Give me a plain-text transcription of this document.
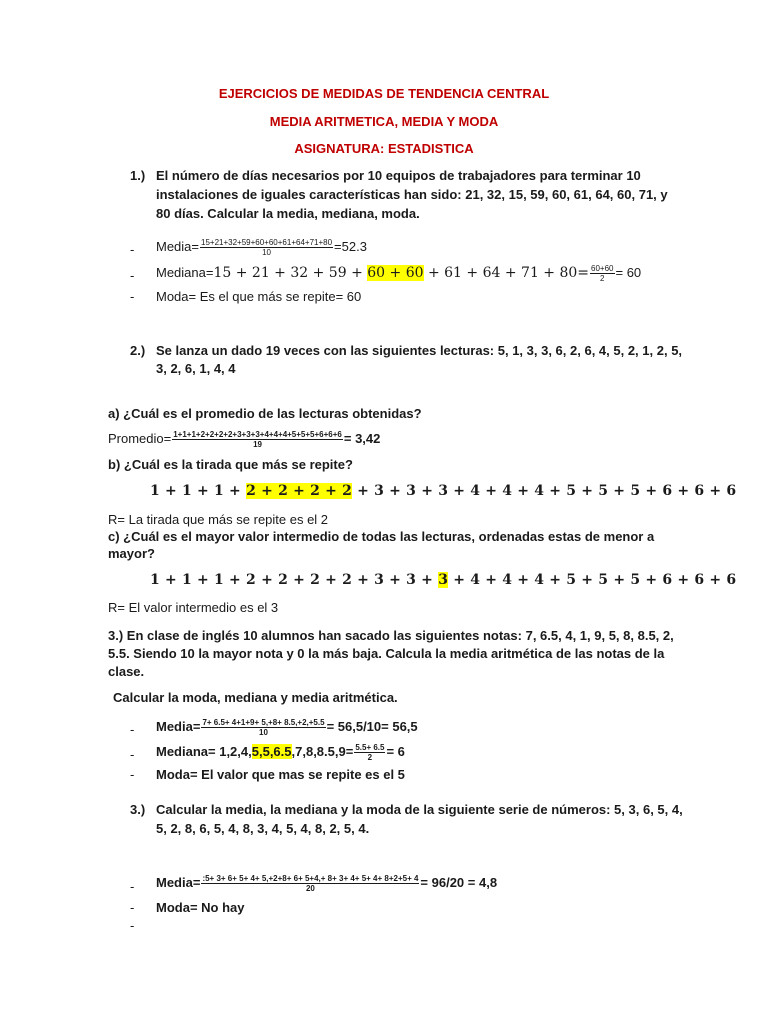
EJERCICIOS DE MEDIDAS DE TENDENCIA CENTRAL
MEDIA ARITMETICA, MEDIA Y MODA
ASIGNATURA: ESTADISTICA
1.) El número de días necesarios por 10 equipos de trabajadores para terminar 10
instalaciones de iguales características han sido: 21, 32, 15, 59, 60, 61, 64, 60, 71, y
80 días. Calcular la media, mediana, moda.
- Media= $\frac{15+21+32+59+60+60+61+64+71+80}{10} =52.3$
- Mediana=15 + $21 + 32 + 59 + 60 + 60 + 61 + 64 + 71 + 80= \frac{60+60}{2} = 60$
- Moda= Es el que más se repite= 60
2.) Se lanza un dado 19 veces con las siguientes lecturas: 5, 1, 3, 3, 6, 2, 6, 4, 5, 2, 1, 2, 5,
3, 2, 6, 1, 4, 4
a) ¿Cuál es el promedio de las lecturas obtenidas?
Promedio= $\frac{1+1+1+2+2+2+2+3+3+3+4+4+4+5+5+5+6+6+6}{19} = 3,42$
b) ¿Cuál es la tirada que más se repite?
1 + 1 + 1 + 2 + 2 + 2 + 2 + 3 + 3 + 3 + 4 + 4 + 4 + 5 + 5 + 5 + 6 + 6 + 6
R= La tirada que más se repite es el 2
c) ¿Cuál es el mayor valor intermedio de todas las lecturas, ordenadas estas de menor a
mayor?
1 + 1 + 1 + 2 + 2 + 2 + 2 + 3 + 3 + 3 + 4 + 4 + 4 + 5 + 5 + 5 + 6 + 6 + 6
R= El valor intermedio es el 3
3.) En clase de inglés 10 alumnos han sacado las siguientes notas: 7, 6.5, 4, 1, 9, 5, 8, 8.5, 2,
5.5. Siendo 10 la mayor nota y 0 la más baja. Calcula la media aritmética de las notas de la
clase.
Calcular la moda, mediana y media aritmética.
- Media= $\frac{7+ 6.5+ 4+1+9+ 5,+8+ 8.5,+2,+5.5}{10} = 56,5/10= 56,5$
- Mediana= $1,2,4,5,5,6.5,7,8,8.5,9= \frac{5.5+ 6.5}{2} = 6$
- Moda= El valor que mas se repite es el 5
3.) Calcular la media, la mediana y la moda de la siguiente serie de números: 5, 3, 6, 5, 4,
5, 2, 8, 6, 5, 4, 8, 3, 4, 5, 4, 8, 2, 5, 4.
- Media= $\frac{:5+ 3+ 6+ 5+ 4+ 5,+2+8+ 6+ 5+4,+ 8+ 3+ 4+ 5+ 4+ 8+2+5+ 4}{20} = 96/20 = 4,8$
- Moda= No hay
-
